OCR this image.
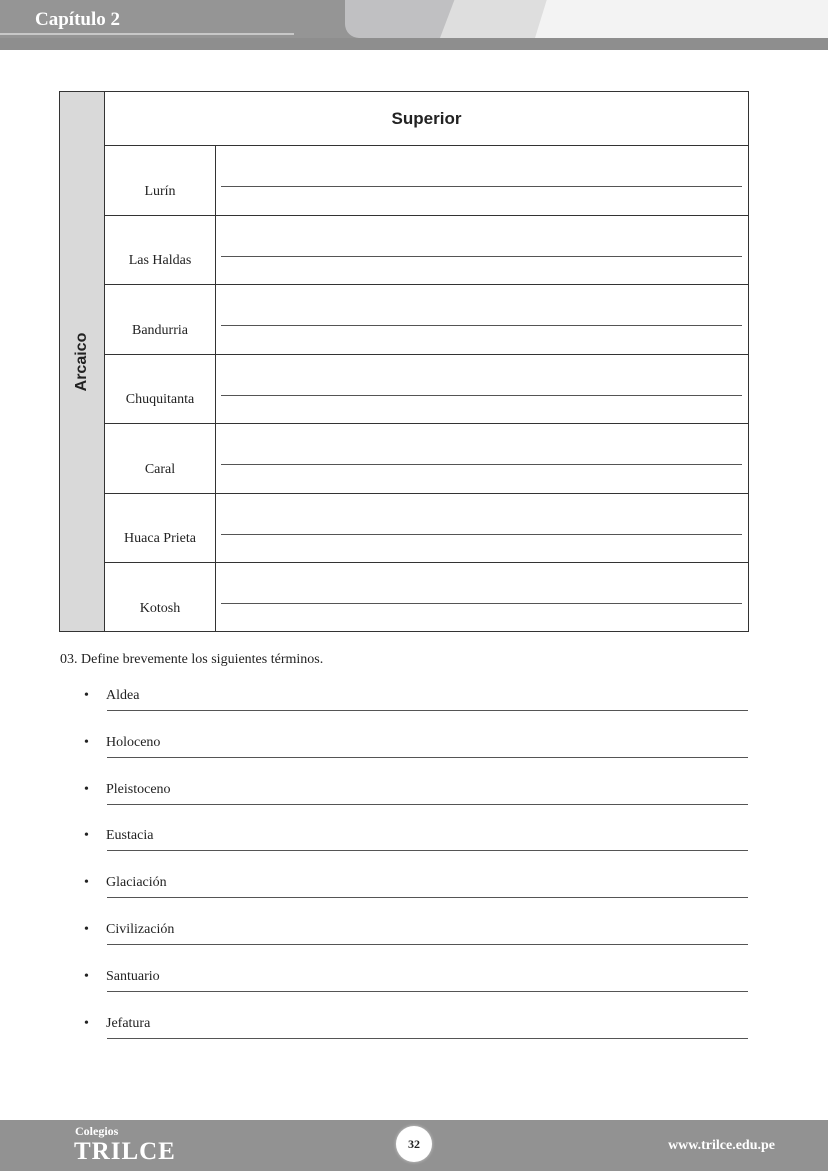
Capítulo 2
Arcaico
Superior
Lurín
Las Haldas
Bandurria
Chuquitanta
Caral
Huaca Prieta
Kotosh
03. Define brevemente los siguientes términos.
• Aldea
• Holoceno
• Pleistoceno
• Eustacia
• Glaciación
• Civilización
• Santuario
• Jefatura
Colegios
TRILCE	32	www.trilce.edu.pe
